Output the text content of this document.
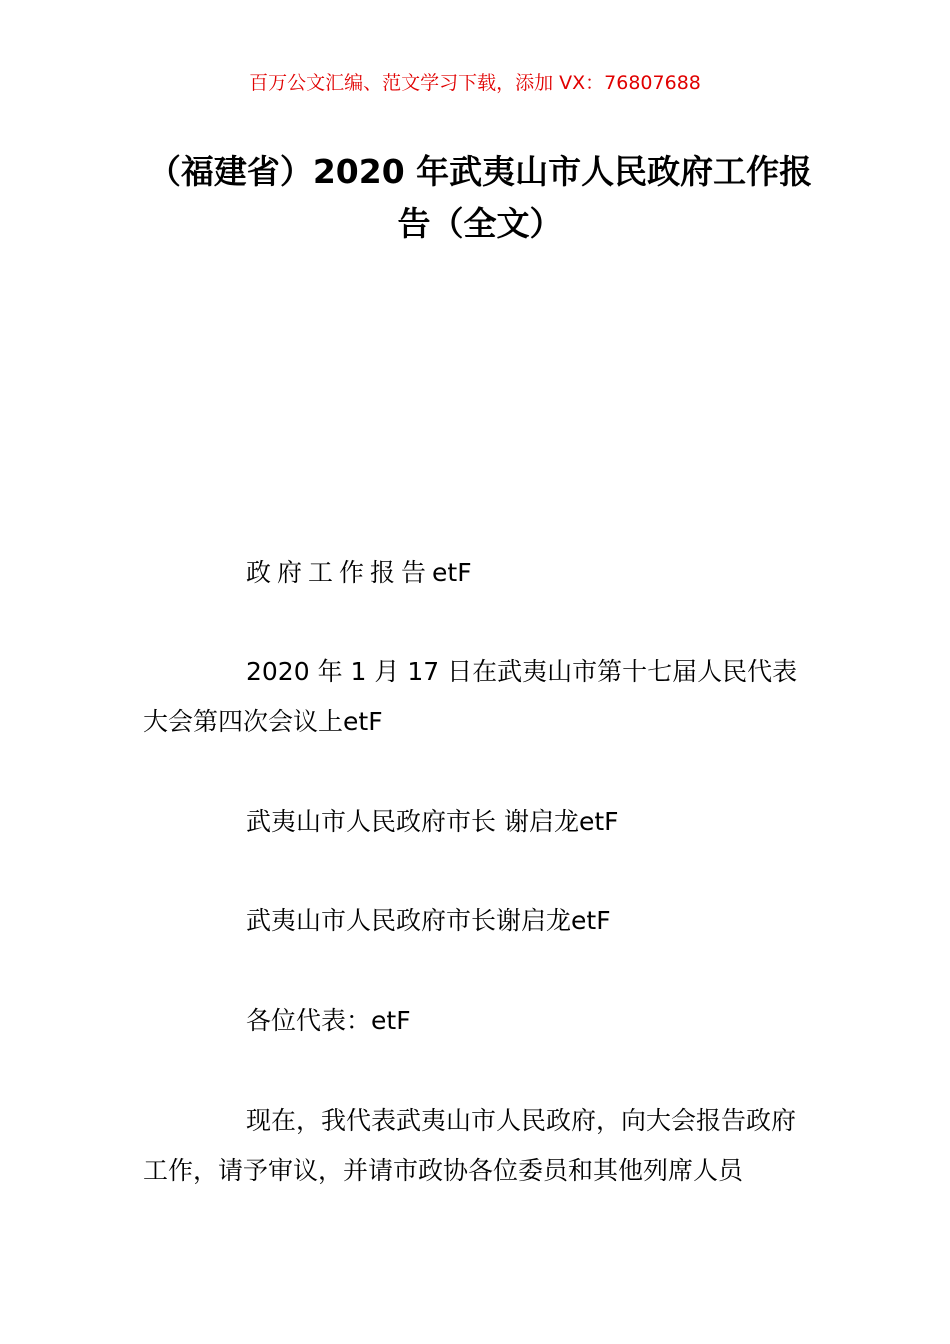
百万公文汇编、范文学习下载，添加 VX：76807688
（福建省）2020 年武夷山市人民政府工作报告（全文）
政府工作报告etF
2020 年 1 月 17 日在武夷山市第十七届人民代表大会第四次会议上etF
武夷山市人民政府市长 谢启龙etF
武夷山市人民政府市长谢启龙etF
各位代表：etF
现在，我代表武夷山市人民政府，向大会报告政府工作，请予审议，并请市政协各位委员和其他列席人员
